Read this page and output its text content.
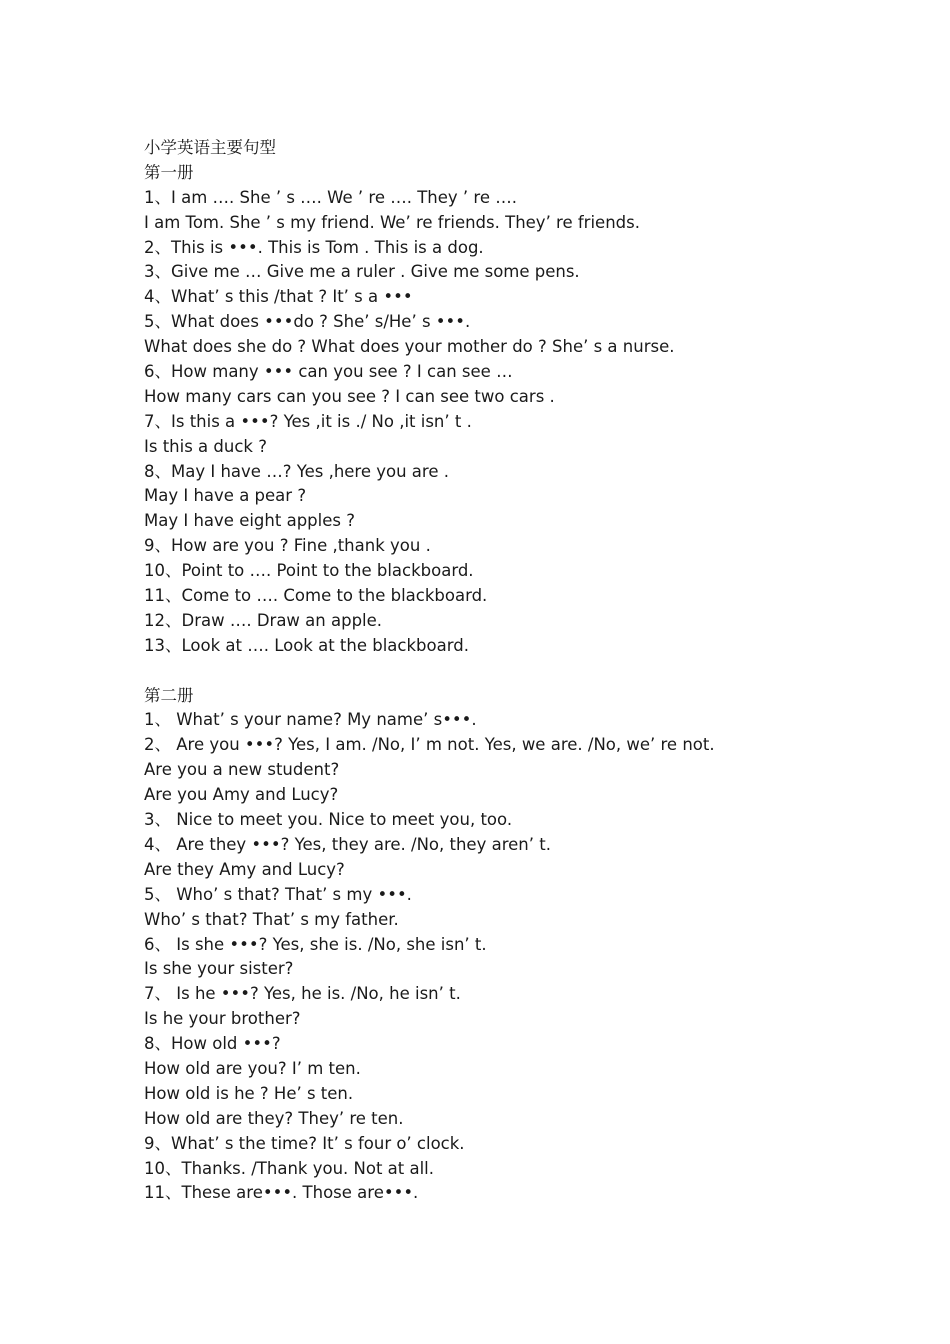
小学英语主要句型
第一册
1、I am …. She ’ s …. We ’ re …. They ’ re ….
I am Tom. She ’ s my friend. We’ re friends. They’ re friends.
2、This is •••. This is Tom . This is a dog.
3、Give me … Give me a ruler . Give me some pens.
4、What’ s this /that ? It’ s a •••
5、What does •••do ? She’ s/He’ s •••.
What does she do ? What does your mother do ? She’ s a nurse.
6、How many ••• can you see ? I can see …
How many cars can you see ? I can see two cars .
7、Is this a •••? Yes ,it is ./ No ,it isn’ t .
Is this a duck ?
8、May I have …? Yes ,here you are .
May I have a pear ?
May I have eight apples ?
9、How are you ? Fine ,thank you .
10、Point to …. Point to the blackboard.
11、Come to …. Come to the blackboard.
12、Draw …. Draw an apple.
13、Look at …. Look at the blackboard.
第二册
1、 What’ s your name? My name’ s•••.
2、 Are you •••? Yes, I am. /No, I’ m not. Yes, we are. /No, we’ re not.
Are you a new student?
Are you Amy and Lucy?
3、 Nice to meet you. Nice to meet you, too.
4、 Are they •••? Yes, they are. /No, they aren’ t.
Are they Amy and Lucy?
5、 Who’ s that? That’ s my •••.
Who’ s that? That’ s my father.
6、 Is she •••? Yes, she is. /No, she isn’ t.
Is she your sister?
7、 Is he •••? Yes, he is. /No, he isn’ t.
Is he your brother?
8、How old •••?
How old are you? I’ m ten.
How old is he ? He’ s ten.
How old are they? They’ re ten.
9、What’ s the time? It’ s four o’ clock.
10、Thanks. /Thank you. Not at all.
11、These are•••. Those are•••.
